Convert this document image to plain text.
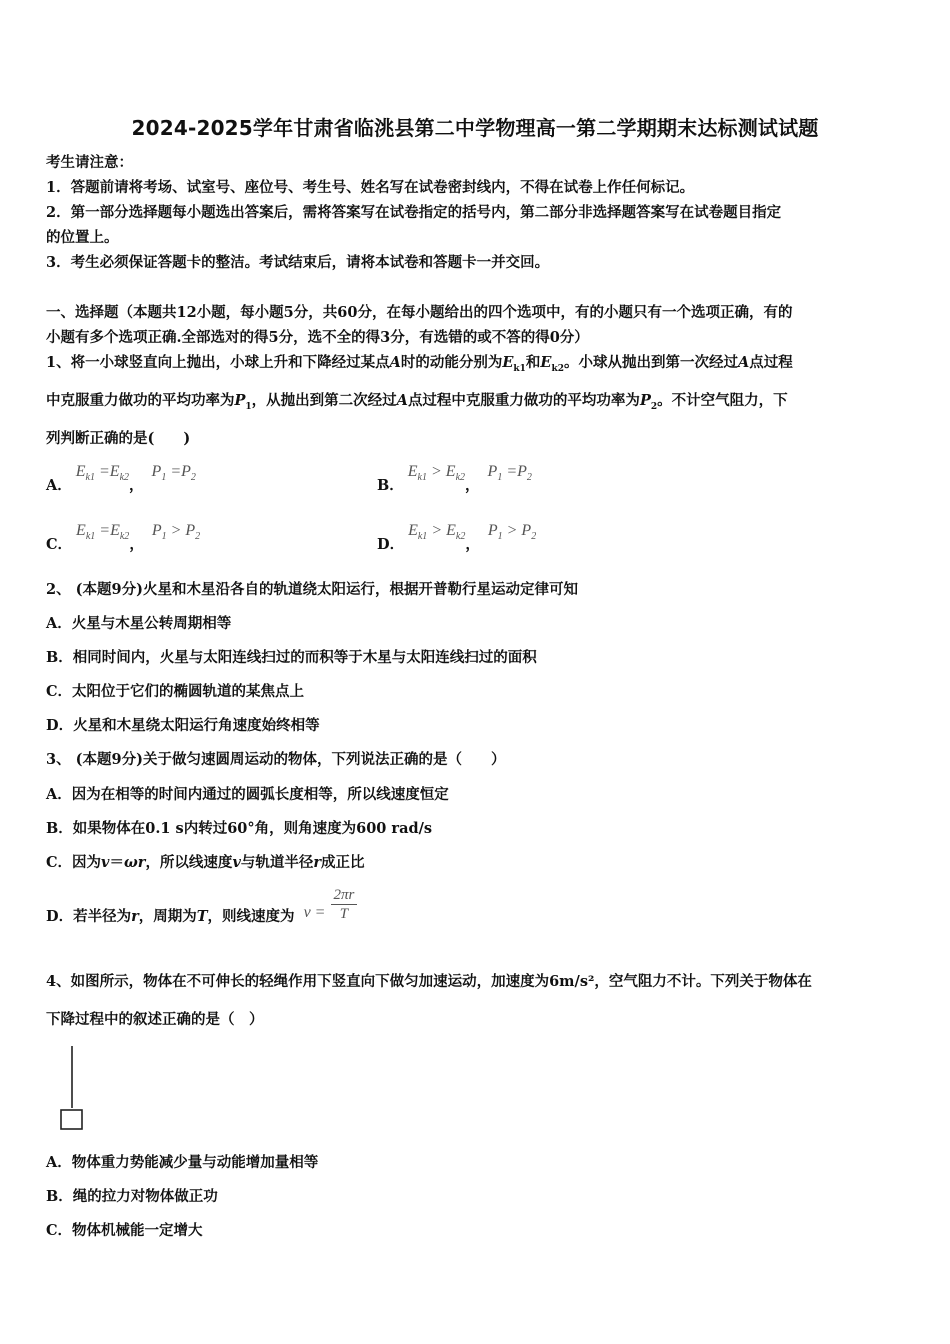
2024-2025学年甘肃省临洮县第二中学物理高一第二学期期末达标测试试题
考生请注意：
1．答题前请将考场、试室号、座位号、考生号、姓名写在试卷密封线内，不得在试卷上作任何标记。
2．第一部分选择题每小题选出答案后，需将答案写在试卷指定的括号内，第二部分非选择题答案写在试卷题目指定
的位置上。
3．考生必须保证答题卡的整洁。考试结束后，请将本试卷和答题卡一并交回。
一、选择题（本题共12小题，每小题5分，共60分，在每小题给出的四个选项中，有的小题只有一个选项正确，有的
小题有多个选项正确.全部选对的得5分，选不全的得3分，有选错的或不答的得0分）
1、将一小球竖直向上抛出，小球上升和下降经过某点A时的动能分别为$E_{k1}$和$E_{k2}$。小球从抛出到第一次经过A点过程
中克服重力做功的平均功率为$P_1$，从抛出到第二次经过A点过程中克服重力做功的平均功率为$P_2$。不计空气阻力，下
列判断正确的是(　　)
A． $E_{k1} =E_{k2}$， $P_1 =P_2$	B． $E_{k1} > E_{k2}$， $P_1 =P_2$
C． $E_{k1} =E_{k2}$， $P_1 > P_2$	D． $E_{k1} > E_{k2}$， $P_1 > P_2$
2、 (本题9分)火星和木星沿各自的轨道绕太阳运行，根据开普勒行星运动定律可知
A．火星与木星公转周期相等
B．相同时间内，火星与太阳连线扫过的而积等于木星与太阳连线扫过的面积
C．太阳位于它们的椭圆轨道的某焦点上
D．火星和木星绕太阳运行角速度始终相等
3、 (本题9分)关于做匀速圆周运动的物体，下列说法正确的是（　　）
A．因为在相等的时间内通过的圆弧长度相等，所以线速度恒定
B．如果物体在0.1 s内转过60°角，则角速度为600 rad/s
C．因为v＝ωr，所以线速度v与轨道半径r成正比
D．若半径为r，周期为T，则线速度为 $v = \frac{2\pi r}{T}$
4、如图所示，物体在不可伸长的轻绳作用下竖直向下做匀加速运动，加速度为6m/s²，空气阻力不计。下列关于物体在
下降过程中的叙述正确的是（　）
A．物体重力势能减少量与动能增加量相等
B．绳的拉力对物体做正功
C．物体机械能一定增大
